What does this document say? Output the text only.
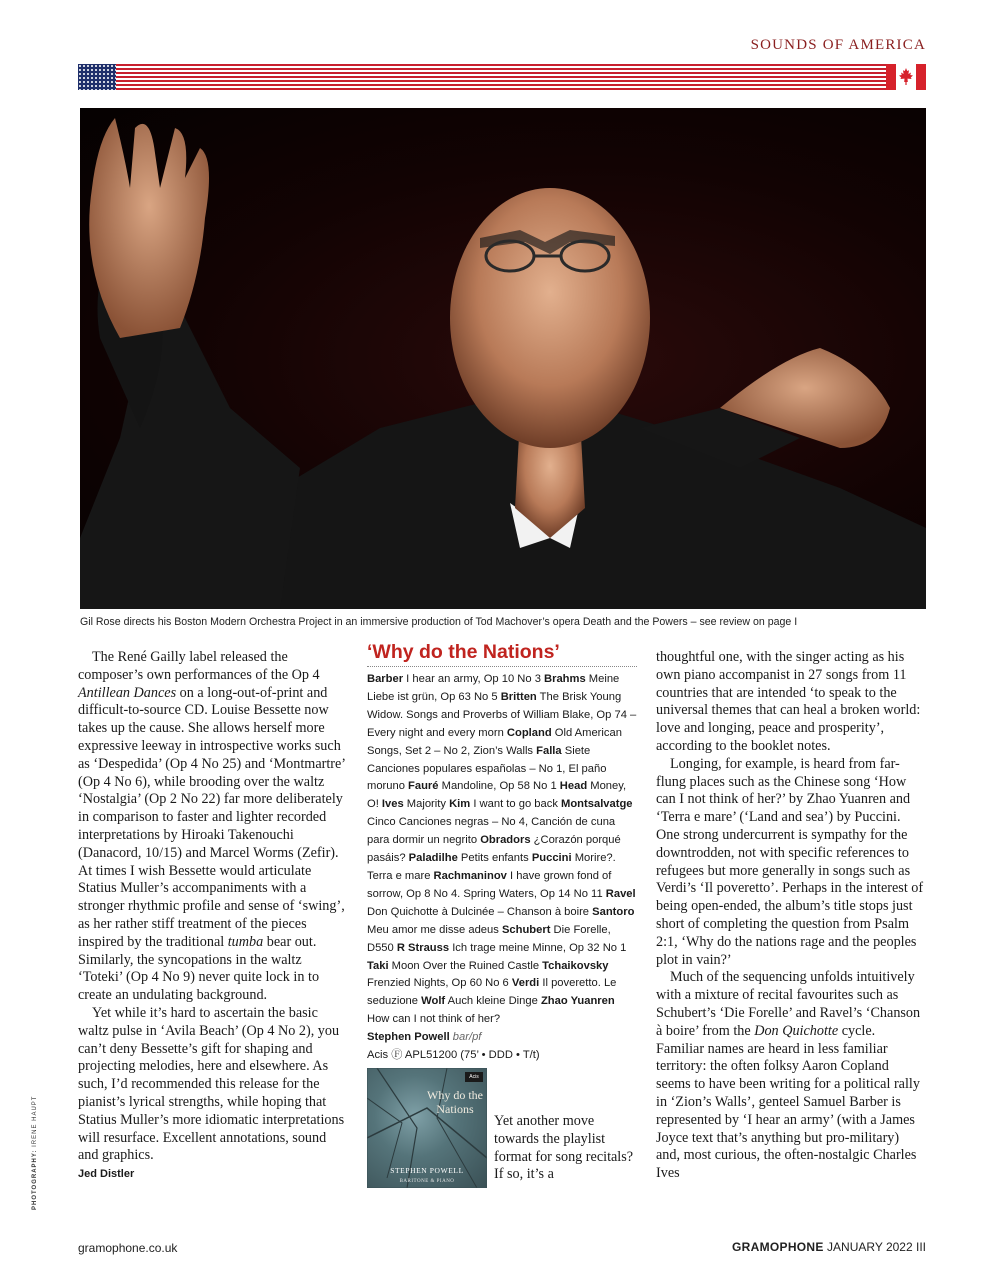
SOUNDS OF AMERICA
Gil Rose directs his Boston Modern Orchestra Project in an immersive production of Tod Machover’s opera Death and the Powers – see review on page I

The René Gailly label released the composer’s own performances of the Op 4 Antillean Dances on a long-out-of-print and difficult-to-source CD. Louise Bessette now takes up the cause. She allows herself more expressive leeway in introspective works such as ‘Despedida’ (Op 4 No 25) and ‘Montmartre’ (Op 4 No 6), while brooding over the waltz ‘Nostalgia’ (Op 2 No 22) far more deliberately in comparison to faster and lighter recorded interpretations by Hiroaki Takenouchi (Danacord, 10/15) and Marcel Worms (Zefir). At times I wish Bessette would articulate Statius Muller’s accompaniments with a stronger rhythmic profile and sense of ‘swing’, as her rather stiff treatment of the pieces inspired by the traditional tumba bear out. Similarly, the syncopations in the waltz ‘Toteki’ (Op 4 No 9) never quite lock in to create an undulating background.

Yet while it’s hard to ascertain the basic waltz pulse in ‘Avila Beach’ (Op 4 No 2), you can’t deny Bessette’s gift for shaping and projecting melodies, here and elsewhere. As such, I’d recommended this release for the pianist’s lyrical strengths, while hoping that Statius Muller’s more idiomatic interpretations will resurface. Excellent annotations, sound and graphics.

Jed Distler
‘Why do the Nations’
Barber I hear an army, Op 10 No 3 Brahms Meine Liebe ist grün, Op 63 No 5 Britten The Brisk Young Widow. Songs and Proverbs of William Blake, Op 74 – Every night and every morn Copland Old American Songs, Set 2 – No 2, Zion’s Walls Falla Siete Canciones populares españolas – No 1, El paño moruno Fauré Mandoline, Op 58 No 1 Head Money, O! Ives Majority Kim I want to go back Montsalvatge Cinco Canciones negras – No 4, Canción de cuna para dormir un negrito Obradors ¿Corazón porqué pasáis? Paladilhe Petits enfants Puccini Morire?. Terra e mare Rachmaninov I have grown fond of sorrow, Op 8 No 4. Spring Waters, Op 14 No 11 Ravel Don Quichotte à Dulcinée – Chanson à boire Santoro Meu amor me disse adeus Schubert Die Forelle, D550 R Strauss Ich trage meine Minne, Op 32 No 1 Taki Moon Over the Ruined Castle Tchaikovsky Frenzied Nights, Op 60 No 6 Verdi Il poveretto. Le seduzione Wolf Auch kleine Dinge Zhao Yuanren How can I not think of her?
Stephen Powell bar/pf
Acis Ⓕ APL51200 (75’ • DDD • T/t)
Acis
Why do the Nations
STEPHEN POWELL
BARITONE & PIANO
Yet another move towards the playlist format for song recitals? If so, it’s a

thoughtful one, with the singer acting as his own piano accompanist in 27 songs from 11 countries that are intended ‘to speak to the universal themes that can heal a broken world: love and longing, peace and prosperity’, according to the booklet notes.

Longing, for example, is heard from far-flung places such as the Chinese song ‘How can I not think of her?’ by Zhao Yuanren and ‘Terra e mare’ (‘Land and sea’) by Puccini. One strong undercurrent is sympathy for the downtrodden, not with specific references to refugees but more generally in songs such as Verdi’s ‘Il poveretto’. Perhaps in the interest of being open-ended, the album’s title stops just short of completing the question from Psalm 2:1, ‘Why do the nations rage and the peoples plot in vain?’

Much of the sequencing unfolds intuitively with a mixture of recital favourites such as Schubert’s ‘Die Forelle’ and Ravel’s ‘Chanson à boire’ from the Don Quichotte cycle. Familiar names are heard in less familiar territory: the often folksy Aaron Copland seems to have been writing for a political rally in ‘Zion’s Walls’, genteel Samuel Barber is represented by ‘I hear an army’ (with a James Joyce text that’s anything but pro-military) and, most curious, the often-nostalgic Charles Ives

PHOTOGRAPHY: IRENE HAUPT
gramophone.co.uk	GRAMOPHONE JANUARY 2022 III
